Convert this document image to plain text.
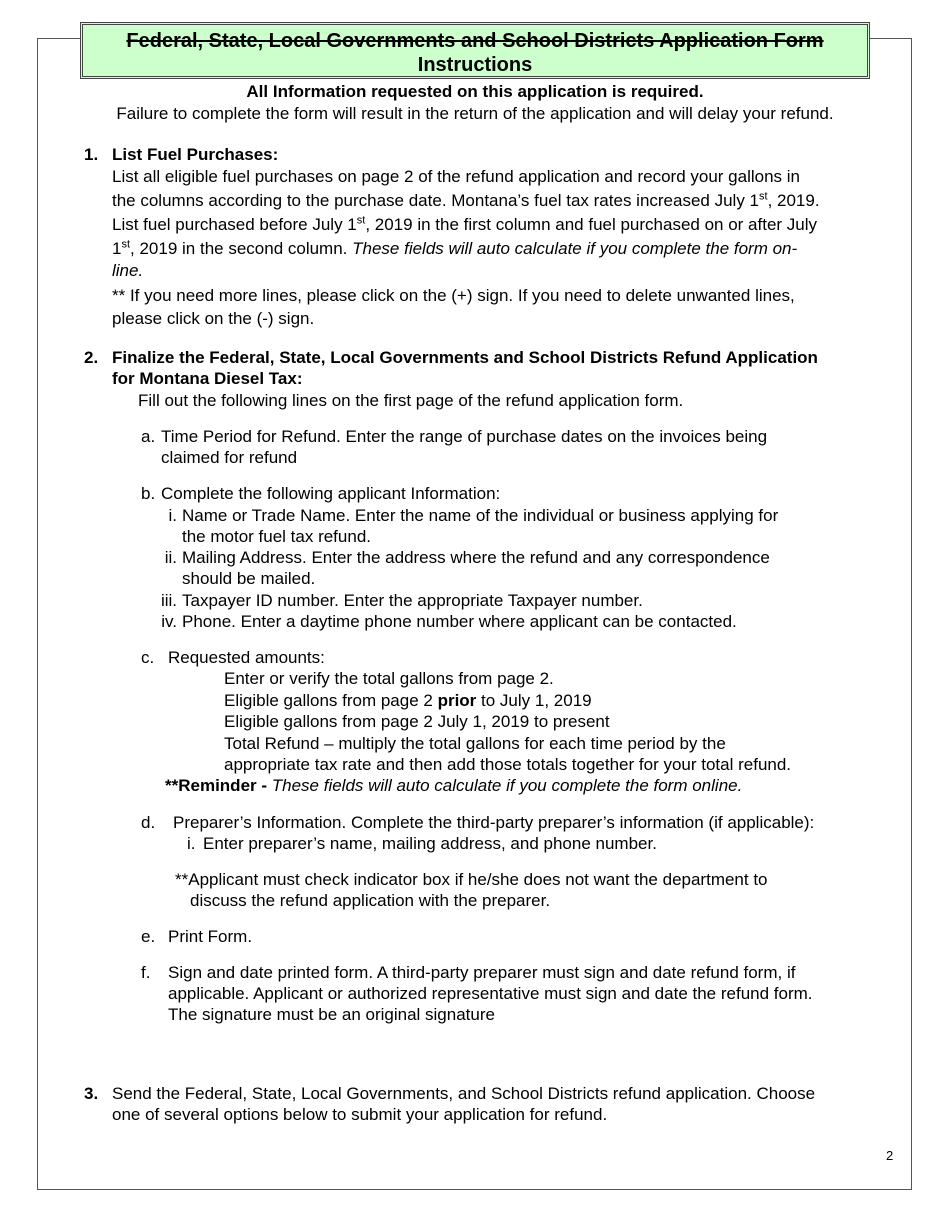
Federal, State, Local Governments and School Districts Application Form
Instructions
All Information requested on this application is required.
Failure to complete the form will result in the return of the application and will delay your refund.
1. List Fuel Purchases:
List all eligible fuel purchases on page 2 of the refund application and record your gallons in
the columns according to the purchase date. Montana’s fuel tax rates increased July 1st, 2019.
List fuel purchased before July 1st, 2019 in the first column and fuel purchased on or after July
1st, 2019 in the second column. These fields will auto calculate if you complete the form on-
line.
** If you need more lines, please click on the (+) sign. If you need to delete unwanted lines,
please click on the (-) sign.
2. Finalize the Federal, State, Local Governments and School Districts Refund Application
for Montana Diesel Tax:
Fill out the following lines on the first page of the refund application form.
a. Time Period for Refund. Enter the range of purchase dates on the invoices being
claimed for refund
b. Complete the following applicant Information:
i. Name or Trade Name. Enter the name of the individual or business applying for
the motor fuel tax refund.
ii. Mailing Address. Enter the address where the refund and any correspondence
should be mailed.
iii. Taxpayer ID number. Enter the appropriate Taxpayer number.
iv. Phone. Enter a daytime phone number where applicant can be contacted.
c. Requested amounts:
Enter or verify the total gallons from page 2.
Eligible gallons from page 2 prior to July 1, 2019
Eligible gallons from page 2 July 1, 2019 to present
Total Refund – multiply the total gallons for each time period by the
appropriate tax rate and then add those totals together for your total refund.
**Reminder - These fields will auto calculate if you complete the form online.
d. Preparer’s Information. Complete the third-party preparer’s information (if applicable):
i. Enter preparer’s name, mailing address, and phone number.
**Applicant must check indicator box if he/she does not want the department to
discuss the refund application with the preparer.
e. Print Form.
f. Sign and date printed form. A third-party preparer must sign and date refund form, if
applicable. Applicant or authorized representative must sign and date the refund form.
The signature must be an original signature
3. Send the Federal, State, Local Governments, and School Districts refund application. Choose
one of several options below to submit your application for refund.
2
